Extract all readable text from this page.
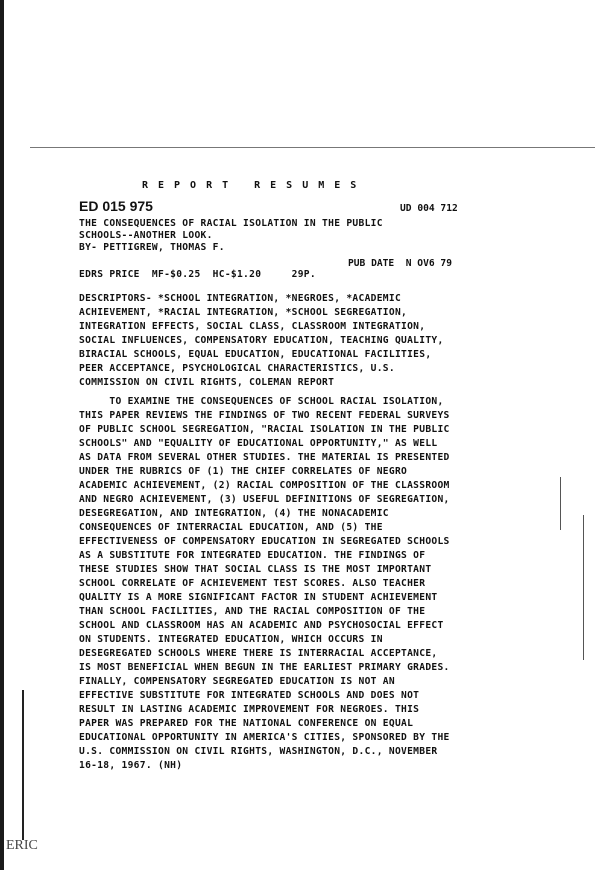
REPORT RESUMES
ED 015 975	UD 004 712
THE CONSEQUENCES OF RACIAL ISOLATION IN THE PUBLIC
SCHOOLS--ANOTHER LOOK.
BY- PETTIGREW, THOMAS F.
PUB DATE  N OV6 79
EDRS PRICE  MF-$0.25  HC-$1.20     29P.
DESCRIPTORS- *SCHOOL INTEGRATION, *NEGROES, *ACADEMIC
ACHIEVEMENT, *RACIAL INTEGRATION, *SCHOOL SEGREGATION,
INTEGRATION EFFECTS, SOCIAL CLASS, CLASSROOM INTEGRATION,
SOCIAL INFLUENCES, COMPENSATORY EDUCATION, TEACHING QUALITY,
BIRACIAL SCHOOLS, EQUAL EDUCATION, EDUCATIONAL FACILITIES,
PEER ACCEPTANCE, PSYCHOLOGICAL CHARACTERISTICS, U.S.
COMMISSION ON CIVIL RIGHTS, COLEMAN REPORT
TO EXAMINE THE CONSEQUENCES OF SCHOOL RACIAL ISOLATION,
THIS PAPER REVIEWS THE FINDINGS OF TWO RECENT FEDERAL SURVEYS
OF PUBLIC SCHOOL SEGREGATION, "RACIAL ISOLATION IN THE PUBLIC
SCHOOLS" AND "EQUALITY OF EDUCATIONAL OPPORTUNITY," AS WELL
AS DATA FROM SEVERAL OTHER STUDIES. THE MATERIAL IS PRESENTED
UNDER THE RUBRICS OF (1) THE CHIEF CORRELATES OF NEGRO
ACADEMIC ACHIEVEMENT, (2) RACIAL COMPOSITION OF THE CLASSROOM
AND NEGRO ACHIEVEMENT, (3) USEFUL DEFINITIONS OF SEGREGATION,
DESEGREGATION, AND INTEGRATION, (4) THE NONACADEMIC
CONSEQUENCES OF INTERRACIAL EDUCATION, AND (5) THE
EFFECTIVENESS OF COMPENSATORY EDUCATION IN SEGREGATED SCHOOLS
AS A SUBSTITUTE FOR INTEGRATED EDUCATION. THE FINDINGS OF
THESE STUDIES SHOW THAT SOCIAL CLASS IS THE MOST IMPORTANT
SCHOOL CORRELATE OF ACHIEVEMENT TEST SCORES. ALSO TEACHER
QUALITY IS A MORE SIGNIFICANT FACTOR IN STUDENT ACHIEVEMENT
THAN SCHOOL FACILITIES, AND THE RACIAL COMPOSITION OF THE
SCHOOL AND CLASSROOM HAS AN ACADEMIC AND PSYCHOSOCIAL EFFECT
ON STUDENTS. INTEGRATED EDUCATION, WHICH OCCURS IN
DESEGREGATED SCHOOLS WHERE THERE IS INTERRACIAL ACCEPTANCE,
IS MOST BENEFICIAL WHEN BEGUN IN THE EARLIEST PRIMARY GRADES.
FINALLY, COMPENSATORY SEGREGATED EDUCATION IS NOT AN
EFFECTIVE SUBSTITUTE FOR INTEGRATED SCHOOLS AND DOES NOT
RESULT IN LASTING ACADEMIC IMPROVEMENT FOR NEGROES. THIS
PAPER WAS PREPARED FOR THE NATIONAL CONFERENCE ON EQUAL
EDUCATIONAL OPPORTUNITY IN AMERICA'S CITIES, SPONSORED BY THE
U.S. COMMISSION ON CIVIL RIGHTS, WASHINGTON, D.C., NOVEMBER
16-18, 1967. (NH)
ERIC
